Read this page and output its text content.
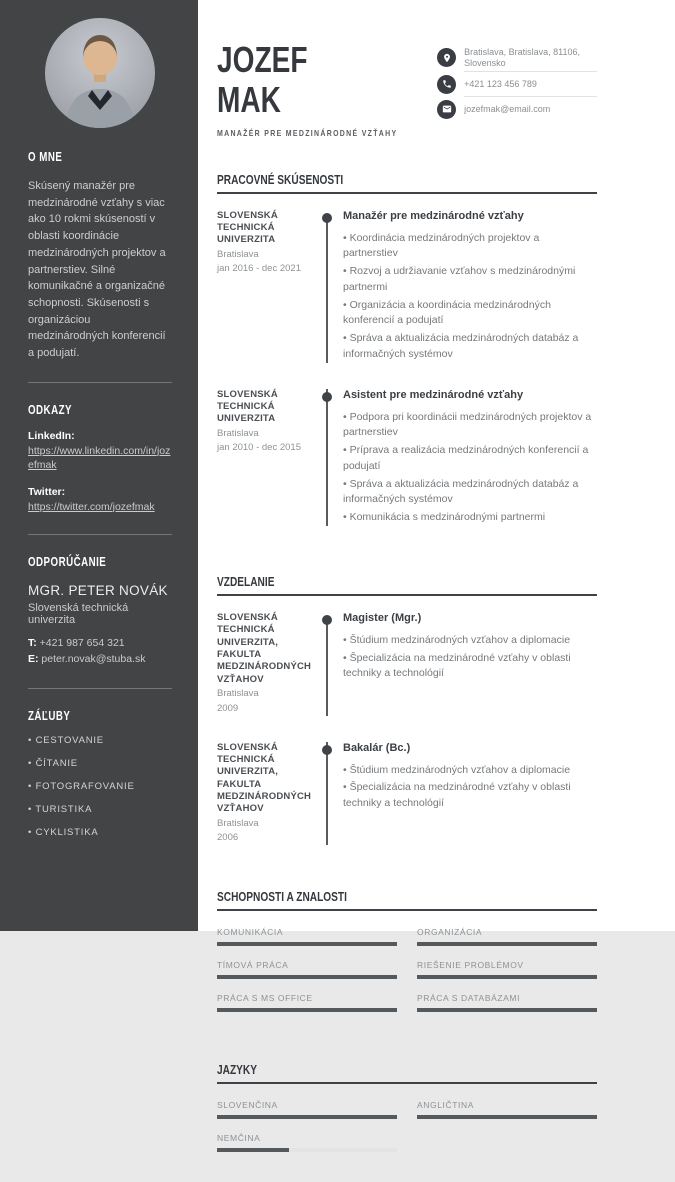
O MNE

Skúsený manažér pre medzinárodné vzťahy s viac ako 10 rokmi skúseností v oblasti koordinácie medzinárodných projektov a partnerstiev. Silné komunikačné a organizačné schopnosti. Skúsenosti s organizáciou medzinárodných konferencií a podujatí.

ODKAZY
LinkedIn:
https://www.linkedin.com/in/jozefmak
Twitter:
https://twitter.com/jozefmak
ODPORÚČANIE

MGR. PETER NOVÁK

Slovenská technická univerzita
T: +421 987 654 321
E: peter.novak@stuba.sk
ZÁĽUBY
• CESTOVANIE
• ČÍTANIE
• FOTOGRAFOVANIE
• TURISTIKA
• CYKLISTIKA
JOZEF
MAK
MANAŽÉR PRE MEDZINÁRODNÉ VZŤAHY
Bratislava, Bratislava, 81106, Slovensko
+421 123 456 789
jozefmak@email.com
PRACOVNÉ SKÚSENOSTI
SLOVENSKÁ TECHNICKÁ UNIVERZITA
Bratislava
jan 2016 - dec 2021
Manažér pre medzinárodné vzťahy
• Koordinácia medzinárodných projektov a partnerstiev
• Rozvoj a udržiavanie vzťahov s medzinárodnými partnermi
• Organizácia a koordinácia medzinárodných konferencií a podujatí
• Správa a aktualizácia medzinárodných databáz a informačných systémov
SLOVENSKÁ TECHNICKÁ UNIVERZITA
Bratislava
jan 2010 - dec 2015
Asistent pre medzinárodné vzťahy
• Podpora pri koordinácii medzinárodných projektov a partnerstiev
• Príprava a realizácia medzinárodných konferencií a podujatí
• Správa a aktualizácia medzinárodných databáz a informačných systémov
• Komunikácia s medzinárodnými partnermi
VZDELANIE
SLOVENSKÁ TECHNICKÁ UNIVERZITA, FAKULTA MEDZINÁRODNÝCH VZŤAHOV
Bratislava
2009
Magister (Mgr.)
• Štúdium medzinárodných vzťahov a diplomacie
• Špecializácia na medzinárodné vzťahy v oblasti techniky a technológií
SLOVENSKÁ TECHNICKÁ UNIVERZITA, FAKULTA MEDZINÁRODNÝCH VZŤAHOV
Bratislava
2006
Bakalár (Bc.)
• Štúdium medzinárodných vzťahov a diplomacie
• Špecializácia na medzinárodné vzťahy v oblasti techniky a technológií
SCHOPNOSTI A ZNALOSTI
KOMUNIKÁCIA	ORGANIZÁCIA
TÍMOVÁ PRÁCA	RIEŠENIE PROBLÉMOV
PRÁCA S MS OFFICE	PRÁCA S DATABÁZAMI
JAZYKY
SLOVENČINA	ANGLIČTINA
NEMČINA
